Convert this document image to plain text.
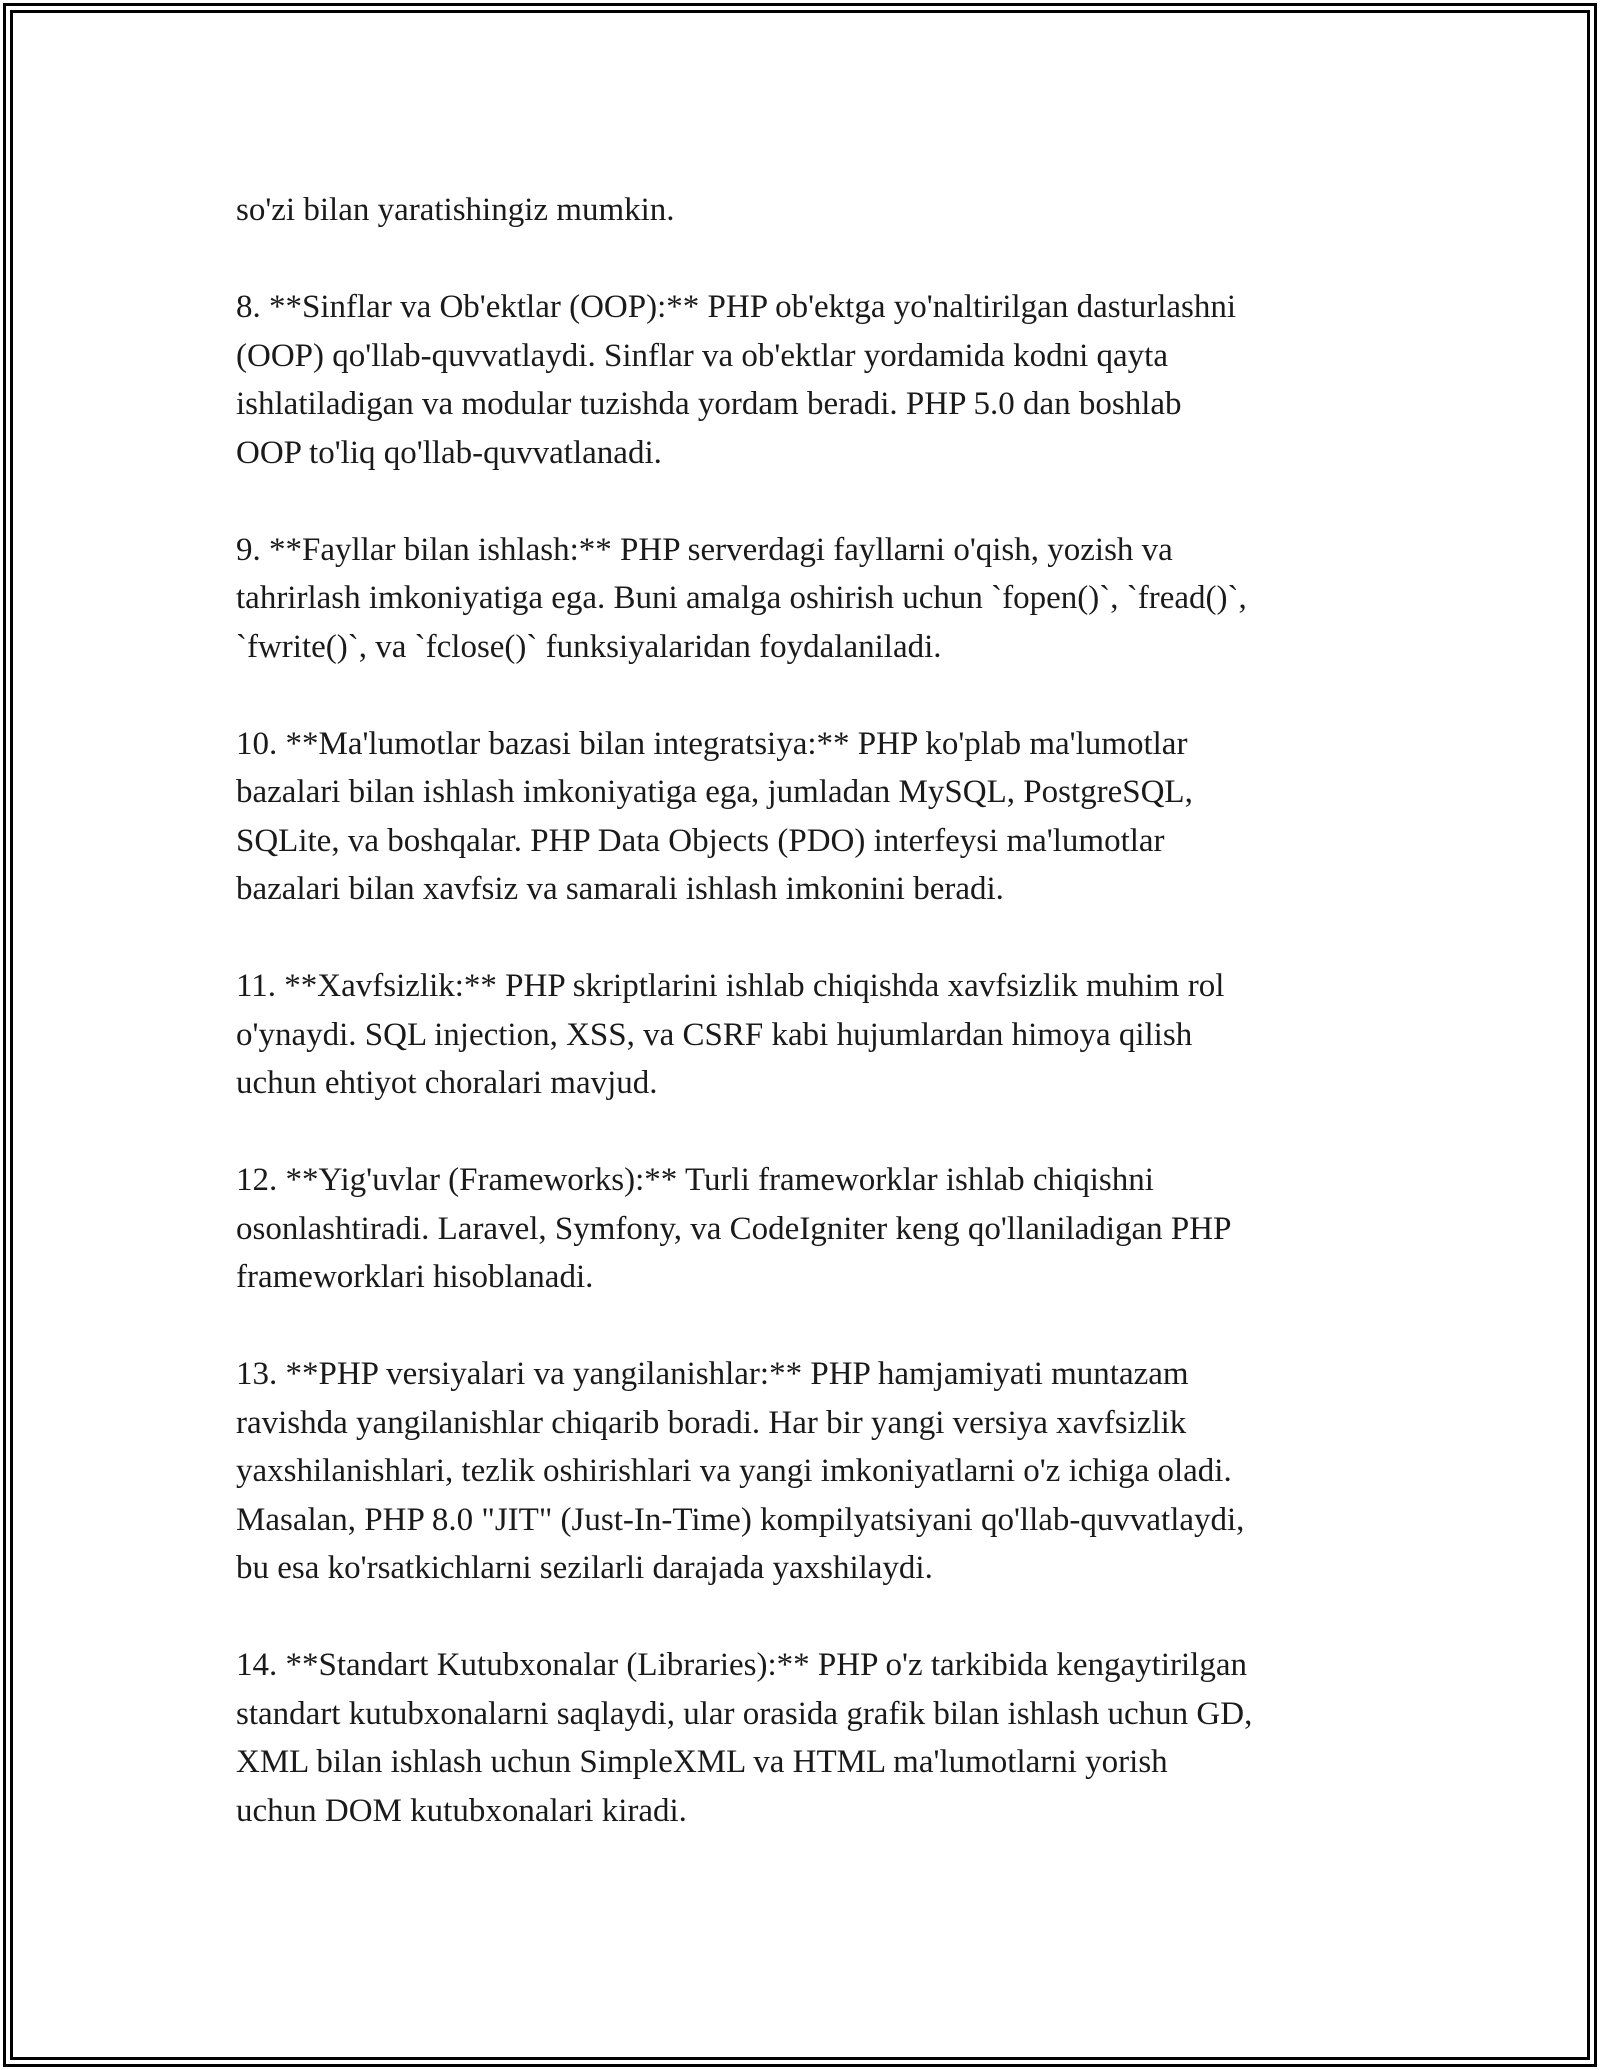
so'zi bilan yaratishingiz mumkin.

8. **Sinflar va Ob'ektlar (OOP):** PHP ob'ektga yo'naltirilgan dasturlashni
(OOP) qo'llab-quvvatlaydi. Sinflar va ob'ektlar yordamida kodni qayta
ishlatiladigan va modular tuzishda yordam beradi. PHP 5.0 dan boshlab
OOP to'liq qo'llab-quvvatlanadi.

9. **Fayllar bilan ishlash:** PHP serverdagi fayllarni o'qish, yozish va
tahrirlash imkoniyatiga ega. Buni amalga oshirish uchun `fopen()`, `fread()`,
`fwrite()`, va `fclose()` funksiyalaridan foydalaniladi.

10. **Ma'lumotlar bazasi bilan integratsiya:** PHP ko'plab ma'lumotlar
bazalari bilan ishlash imkoniyatiga ega, jumladan MySQL, PostgreSQL,
SQLite, va boshqalar. PHP Data Objects (PDO) interfeysi ma'lumotlar
bazalari bilan xavfsiz va samarali ishlash imkonini beradi.

11. **Xavfsizlik:** PHP skriptlarini ishlab chiqishda xavfsizlik muhim rol
o'ynaydi. SQL injection, XSS, va CSRF kabi hujumlardan himoya qilish
uchun ehtiyot choralari mavjud.

12. **Yig'uvlar (Frameworks):** Turli frameworklar ishlab chiqishni
osonlashtiradi. Laravel, Symfony, va CodeIgniter keng qo'llaniladigan PHP
frameworklari hisoblanadi.

13. **PHP versiyalari va yangilanishlar:** PHP hamjamiyati muntazam
ravishda yangilanishlar chiqarib boradi. Har bir yangi versiya xavfsizlik
yaxshilanishlari, tezlik oshirishlari va yangi imkoniyatlarni o'z ichiga oladi.
Masalan, PHP 8.0 "JIT" (Just-In-Time) kompilyatsiyani qo'llab-quvvatlaydi,
bu esa ko'rsatkichlarni sezilarli darajada yaxshilaydi.

14. **Standart Kutubxonalar (Libraries):** PHP o'z tarkibida kengaytirilgan
standart kutubxonalarni saqlaydi, ular orasida grafik bilan ishlash uchun GD,
XML bilan ishlash uchun SimpleXML va HTML ma'lumotlarni yorish
uchun DOM kutubxonalari kiradi.
